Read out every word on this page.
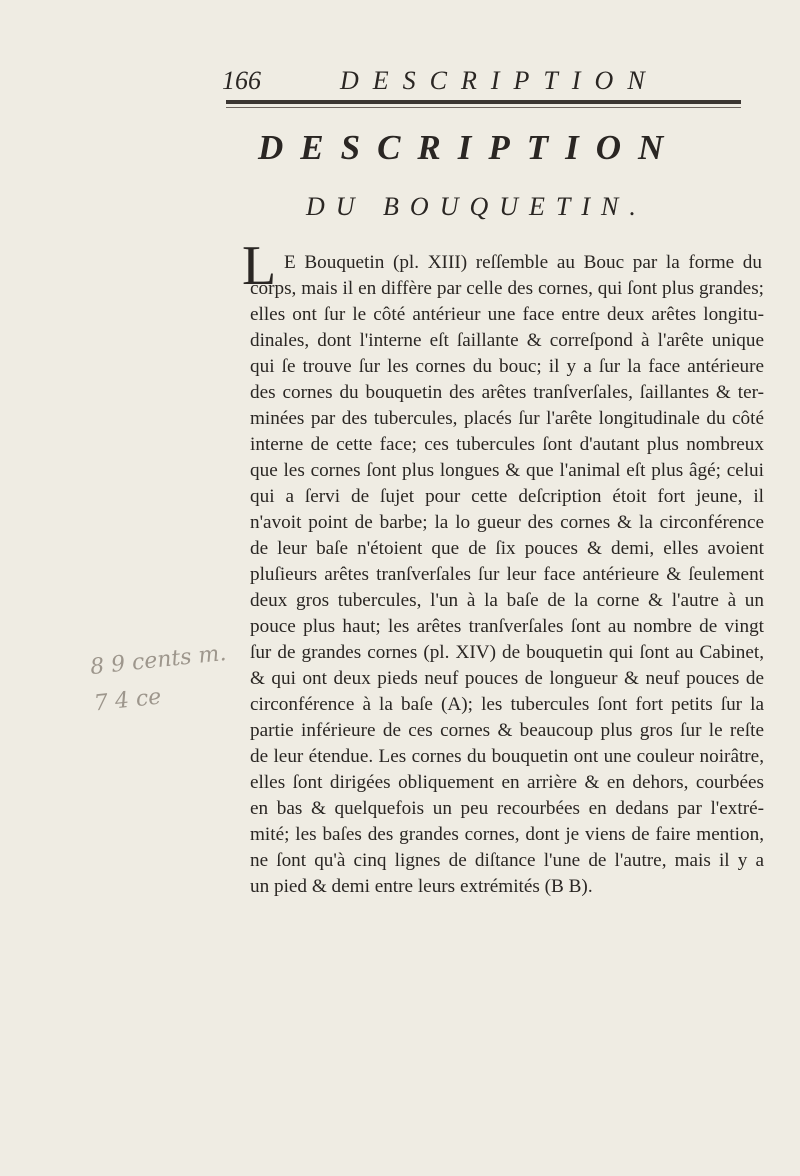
166	DESCRIPTION
DESCRIPTION
DU BOUQUETIN.
L E Bouquetin (pl. XIII) reſſemble au Bouc par la forme du
corps, mais il en diffère par celle des cornes, qui ſont plus grandes;
elles ont ſur le côté antérieur une face entre deux arêtes longitu-
dinales, dont l'interne eſt ſaillante & correſpond à l'arête unique
qui ſe trouve ſur les cornes du bouc; il y a ſur la face antérieure
des cornes du bouquetin des arêtes tranſverſales, ſaillantes & ter-
minées par des tubercules, placés ſur l'arête longitudinale du côté
interne de cette face; ces tubercules ſont d'autant plus nombreux
que les cornes ſont plus longues & que l'animal eſt plus âgé; celui
qui a ſervi de ſujet pour cette deſcription étoit fort jeune, il
n'avoit point de barbe; la lo gueur des cornes & la circonférence
de leur baſe n'étoient que de ſix pouces & demi, elles avoient
pluſieurs arêtes tranſverſales ſur leur face antérieure & ſeulement
deux gros tubercules, l'un à la baſe de la corne & l'autre à un
pouce plus haut; les arêtes tranſverſales ſont au nombre de vingt
ſur de grandes cornes (pl. XIV) de bouquetin qui ſont au Cabinet,
& qui ont deux pieds neuf pouces de longueur & neuf pouces de
circonférence à la baſe (A); les tubercules ſont fort petits ſur la
partie inférieure de ces cornes & beaucoup plus gros ſur le reſte
de leur étendue. Les cornes du bouquetin ont une couleur noirâtre,
elles ſont dirigées obliquement en arrière & en dehors, courbées
en bas & quelquefois un peu recourbées en dedans par l'extré-
mité; les baſes des grandes cornes, dont je viens de faire mention,
ne ſont qu'à cinq lignes de diſtance l'une de l'autre, mais il y a
un pied & demi entre leurs extrémités (B B).
8 9 cents m.
7 4 ce
